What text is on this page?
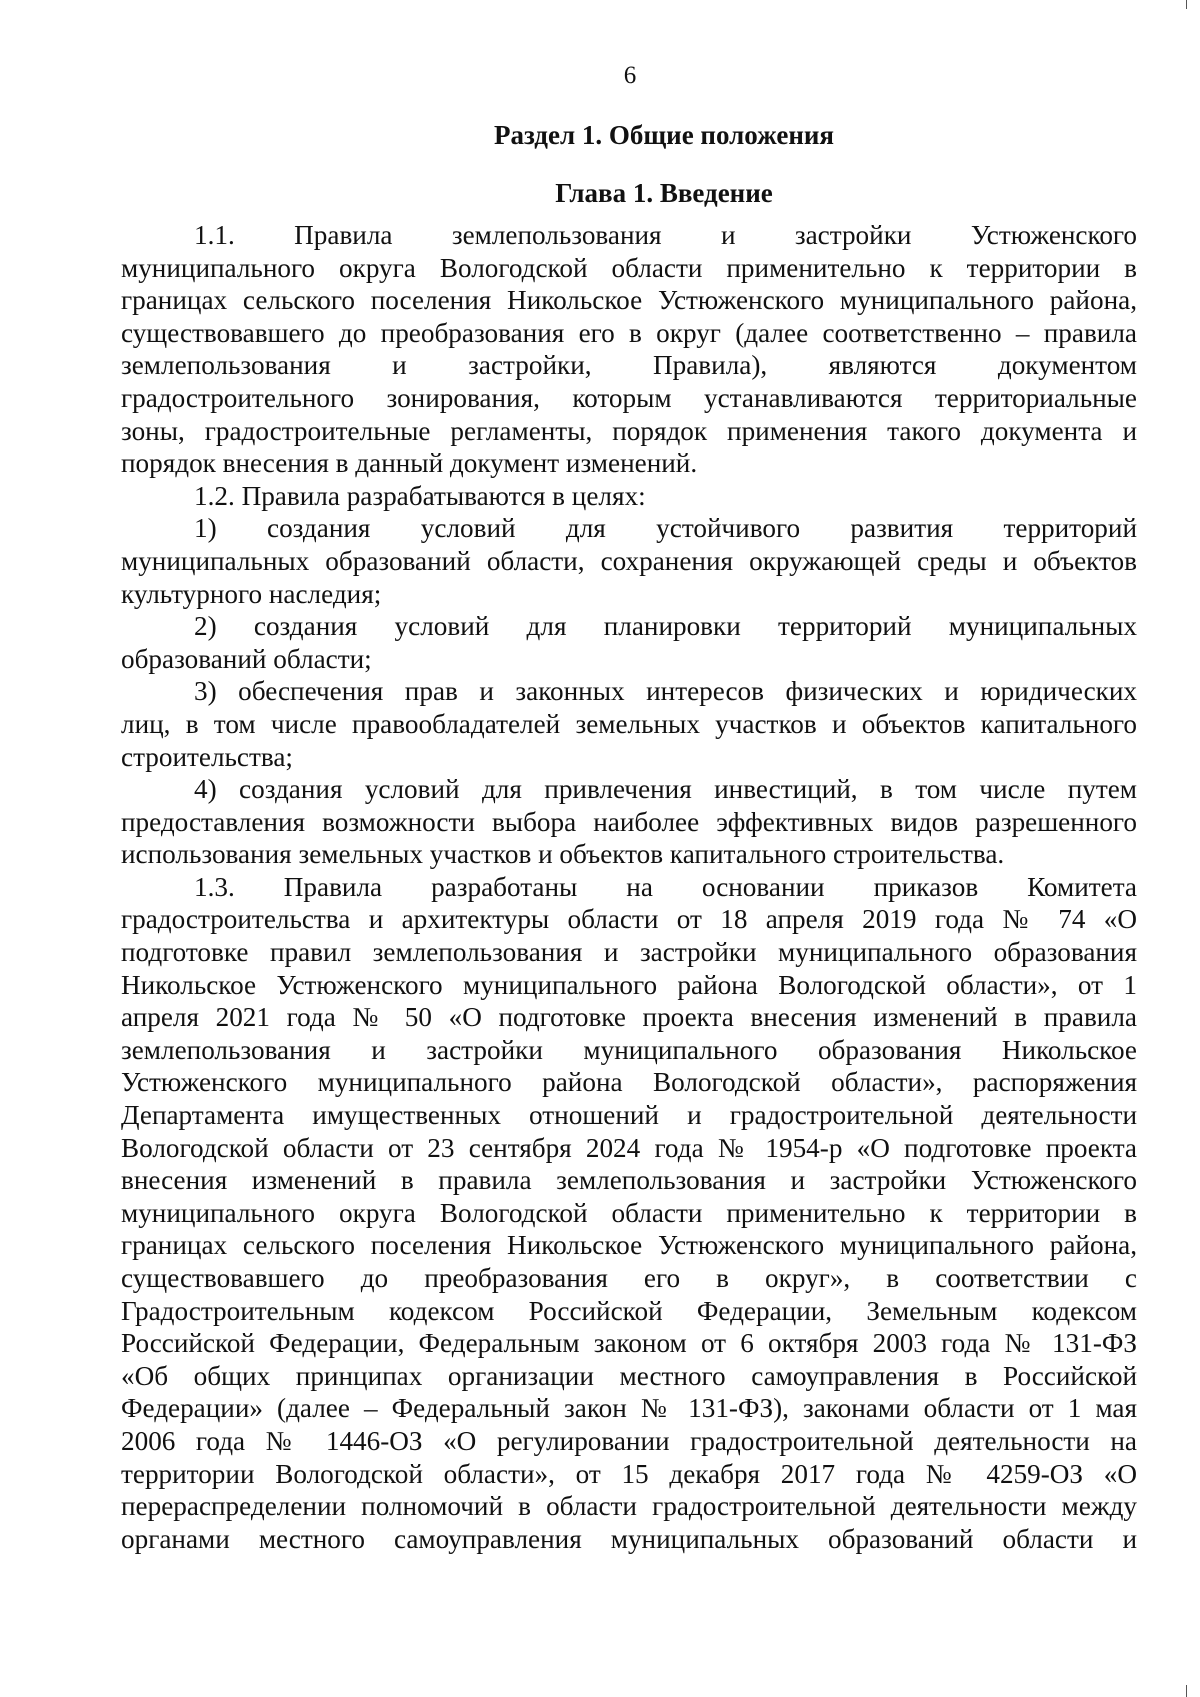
6
Раздел 1. Общие положения
Глава 1. Введение
1.1. Правила землепользования и застройки Устюженского
муниципального округа Вологодской области применительно к территории в
границах сельского поселения Никольское Устюженского муниципального района,
существовавшего до преобразования его в округ (далее соответственно – правила
землепользования и застройки, Правила), являются документом
градостроительного зонирования, которым устанавливаются территориальные
зоны, градостроительные регламенты, порядок применения такого документа и
порядок внесения в данный документ изменений.
1.2. Правила разрабатываются в целях:
1) создания условий для устойчивого развития территорий
муниципальных образований области, сохранения окружающей среды и объектов
культурного наследия;
2) создания условий для планировки территорий муниципальных
образований области;
3) обеспечения прав и законных интересов физических и юридических
лиц, в том числе правообладателей земельных участков и объектов капитального
строительства;
4) создания условий для привлечения инвестиций, в том числе путем
предоставления возможности выбора наиболее эффективных видов разрешенного
использования земельных участков и объектов капитального строительства.
1.3. Правила разработаны на основании приказов Комитета
градостроительства и архитектуры области от 18 апреля 2019 года № 74 «О
подготовке правил землепользования и застройки муниципального образования
Никольское Устюженского муниципального района Вологодской области», от 1
апреля 2021 года № 50 «О подготовке проекта внесения изменений в правила
землепользования и застройки муниципального образования Никольское
Устюженского муниципального района Вологодской области», распоряжения
Департамента имущественных отношений и градостроительной деятельности
Вологодской области от 23 сентября 2024 года № 1954-р «О подготовке проекта
внесения изменений в правила землепользования и застройки Устюженского
муниципального округа Вологодской области применительно к территории в
границах сельского поселения Никольское Устюженского муниципального района,
существовавшего до преобразования его в округ», в соответствии с
Градостроительным кодексом Российской Федерации, Земельным кодексом
Российской Федерации, Федеральным законом от 6 октября 2003 года № 131-ФЗ
«Об общих принципах организации местного самоуправления в Российской
Федерации» (далее – Федеральный закон № 131-ФЗ), законами области от 1 мая
2006 года № 1446-ОЗ «О регулировании градостроительной деятельности на
территории Вологодской области», от 15 декабря 2017 года № 4259-ОЗ «О
перераспределении полномочий в области градостроительной деятельности между
органами местного самоуправления муниципальных образований области и
